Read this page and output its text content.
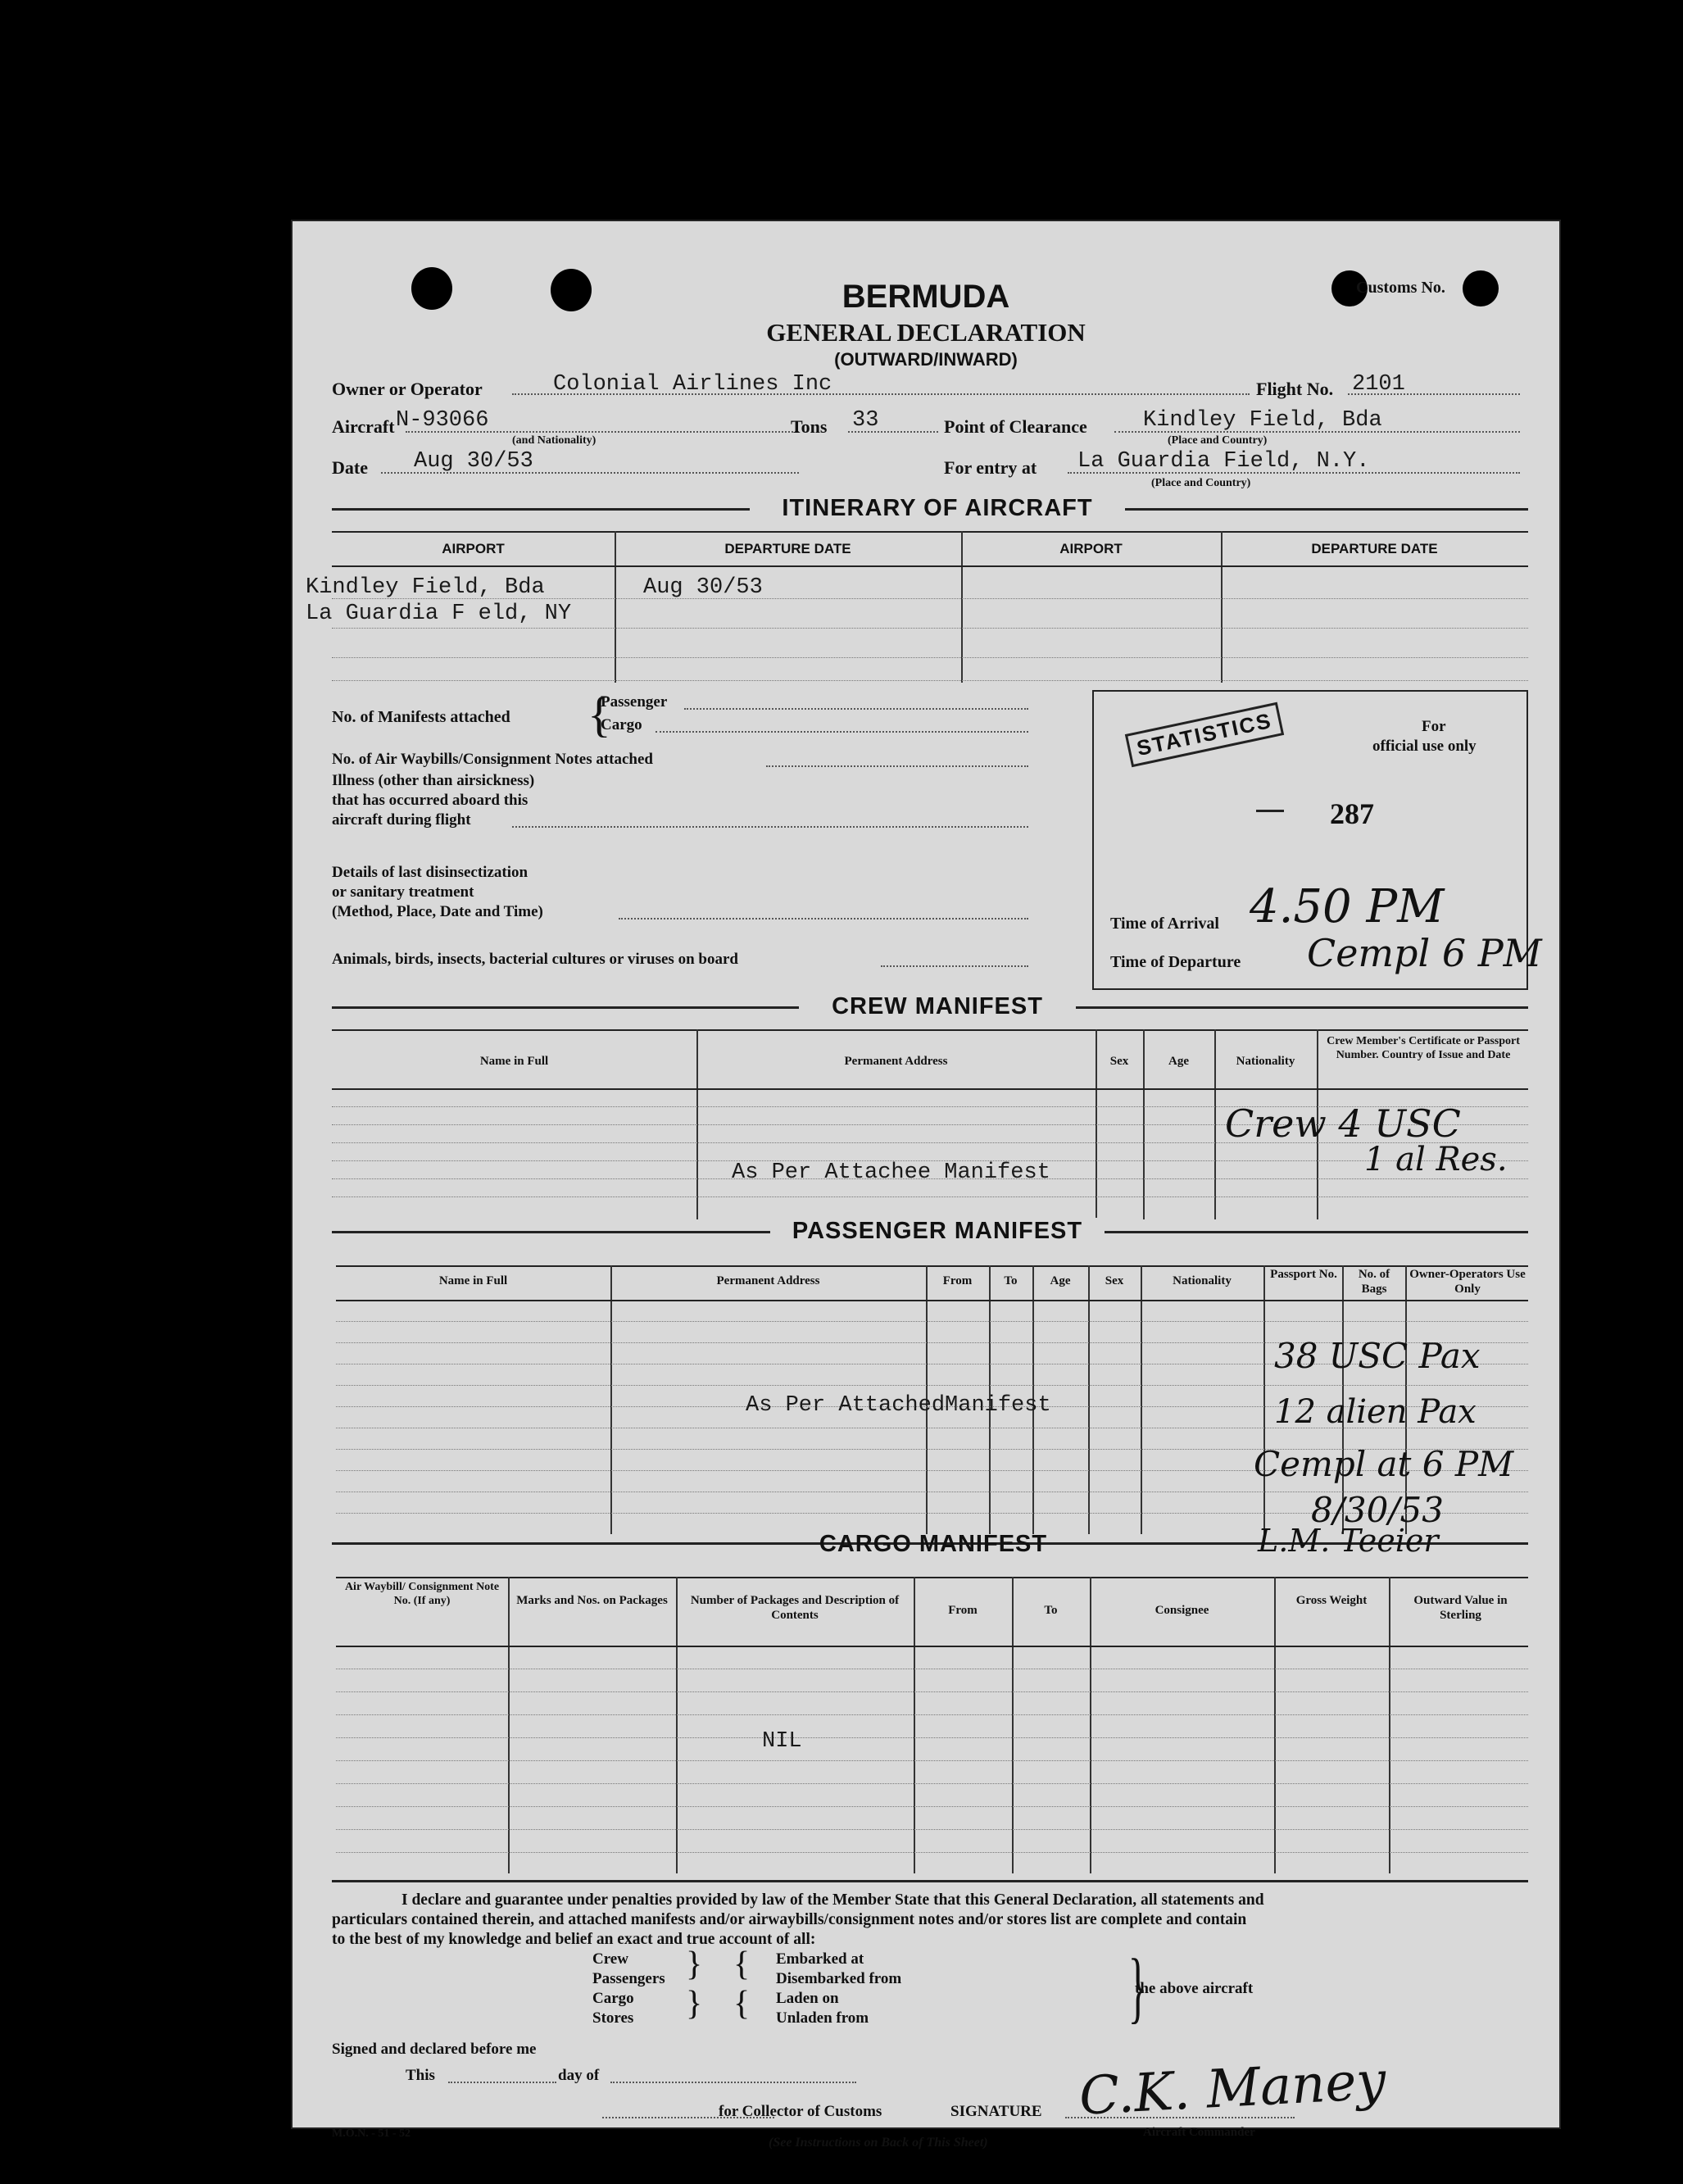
BERMUDA
GENERAL DECLARATION
(OUTWARD/INWARD)
Customs No.
Owner or Operator	Colonial Airlines Inc	Flight No. 2101
Aircraft N-93066
(and Nationality)
Tons 33	Point of Clearance	Kindley Field, Bda
(Place and Country)
Date Aug 30/53	For entry at La Guardia Field, N.Y.
(Place and Country)
ITINERARY OF AIRCRAFT
AIRPORT	DEPARTURE DATE	AIRPORT	DEPARTURE DATE
Kindley Field, Bda	Aug 30/53
La Guardia F eld, NY
No. of Manifests attached {
Passenger
Cargo
No. of Air Waybills/Consignment Notes attached
Illness (other than airsickness)
that has occurred aboard this
aircraft during flight
Details of last disinsectization
or sanitary treatment
(Method, Place, Date and Time)
Animals, birds, insects, bacterial cultures or viruses on board
STATISTICS	For
official use only
287
Time of Arrival 4.50 PM
Time of Departure Cempl 6 PM
CREW MANIFEST
Name in Full	Permanent Address	Sex	Age	Nationality
Crew Member's Certificate or Passport Number. Country of Issue and Date
As Per Attachee Manifest
Crew 4 USC
1 al Res.
PASSENGER MANIFEST
Name in Full	Permanent Address	From	To	Age	Sex	Nationality	Passport No.	No. of Bags
Owner-Operators Use Only
As Per AttachedManifest
38 USC Pax
12 alien Pax
Cempl at 6 PM
8/30/53
CARGO MANIFEST	L.M. Teeier
Air Waybill/ Consignment Note No. (If any)	Marks and Nos. on Packages	Number of Packages and Description of Contents	From	To	Consignee
Gross Weight	Outward Value in Sterling
NIL
I declare and guarantee under penalties provided by law of the Member State that this General Declaration, all statements and
particulars contained therein, and attached manifests and/or airwaybills/consignment notes and/or stores list are complete and contain
to the best of my knowledge and belief an exact and true account of all:
Crew
Passengers
Cargo
Stores
}
}
{
{
Embarked at
Disembarked from
Laden on
Unladen from	}
the above aircraft
Signed and declared before me
This	day of
for Collector of Customs	SIGNATURE C.K. Maney
Aircraft Commander
M.O.N. - 51 - 52
(See Instructions on Back of This Sheet)
